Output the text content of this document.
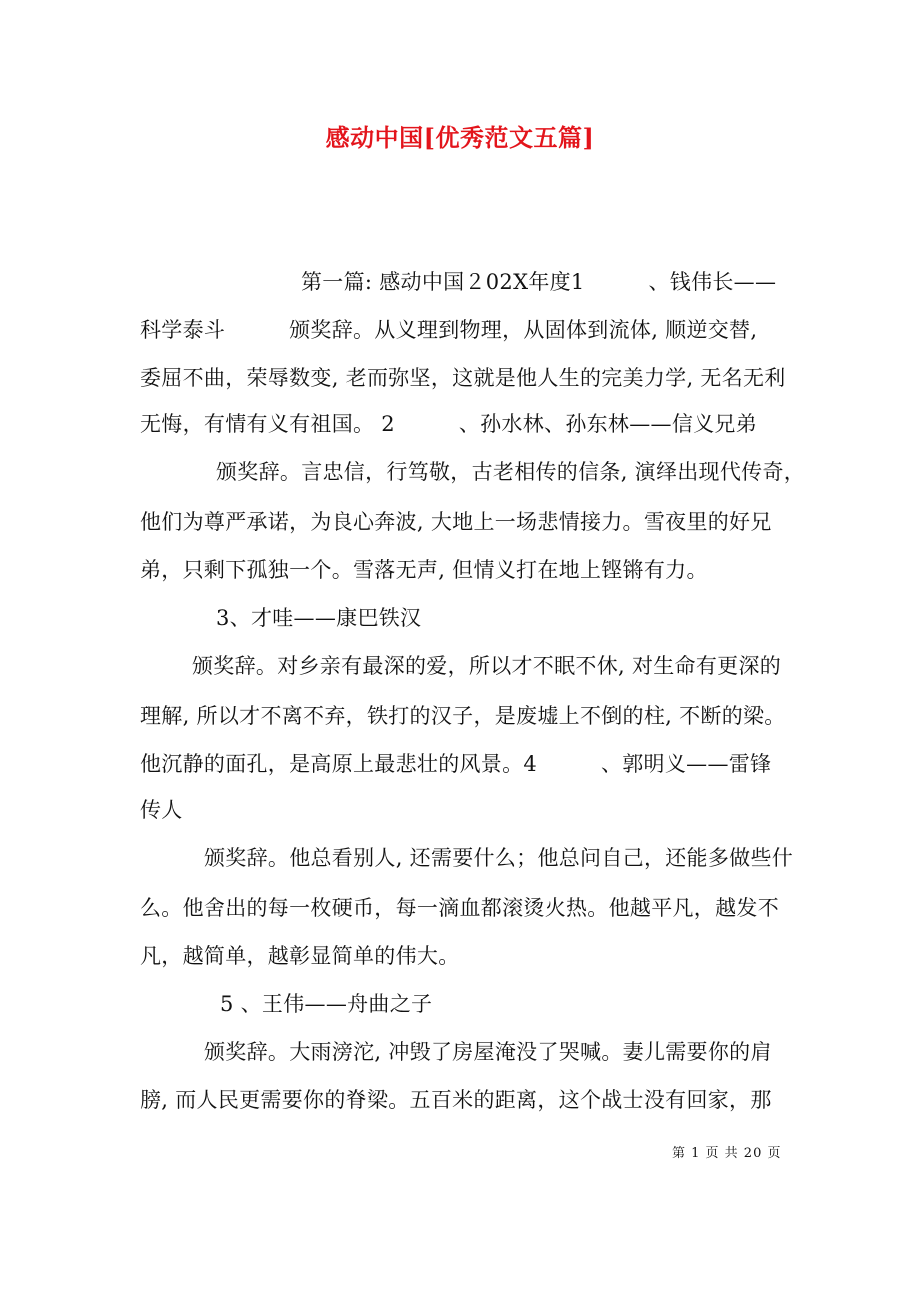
感动中国[优秀范文五篇]
第一篇: 感动中国２02X年度1　　　、钱伟长——
科学泰斗　　　颁奖辞。从义理到物理，从固体到流体, 顺逆交替,
委屈不曲，荣辱数变, 老而弥坚，这就是他人生的完美力学, 无名无利
无悔，有情有义有祖国。 2　　　、孙水林、孙东林——信义兄弟
颁奖辞。言忠信，行笃敬，古老相传的信条, 演绎出现代传奇，
他们为尊严承诺，为良心奔波, 大地上一场悲情接力。雪夜里的好兄
弟，只剩下孤独一个。雪落无声, 但情义打在地上铿锵有力。
3、才哇——康巴铁汉
颁奖辞。对乡亲有最深的爱，所以才不眠不休, 对生命有更深的
理解, 所以才不离不弃，铁打的汉子，是废墟上不倒的柱, 不断的梁。
他沉静的面孔，是高原上最悲壮的风景。4　　　、郭明义——雷锋
传人
颁奖辞。他总看别人, 还需要什么；他总问自己，还能多做些什
么。他舍出的每一枚硬币，每一滴血都滚烫火热。他越平凡，越发不
凡，越简单，越彰显简单的伟大。
5 、王伟——舟曲之子
颁奖辞。大雨滂沱, 冲毁了房屋淹没了哭喊。妻儿需要你的肩
膀, 而人民更需要你的脊梁。五百米的距离，这个战士没有回家，那
第 1 页 共 20 页
